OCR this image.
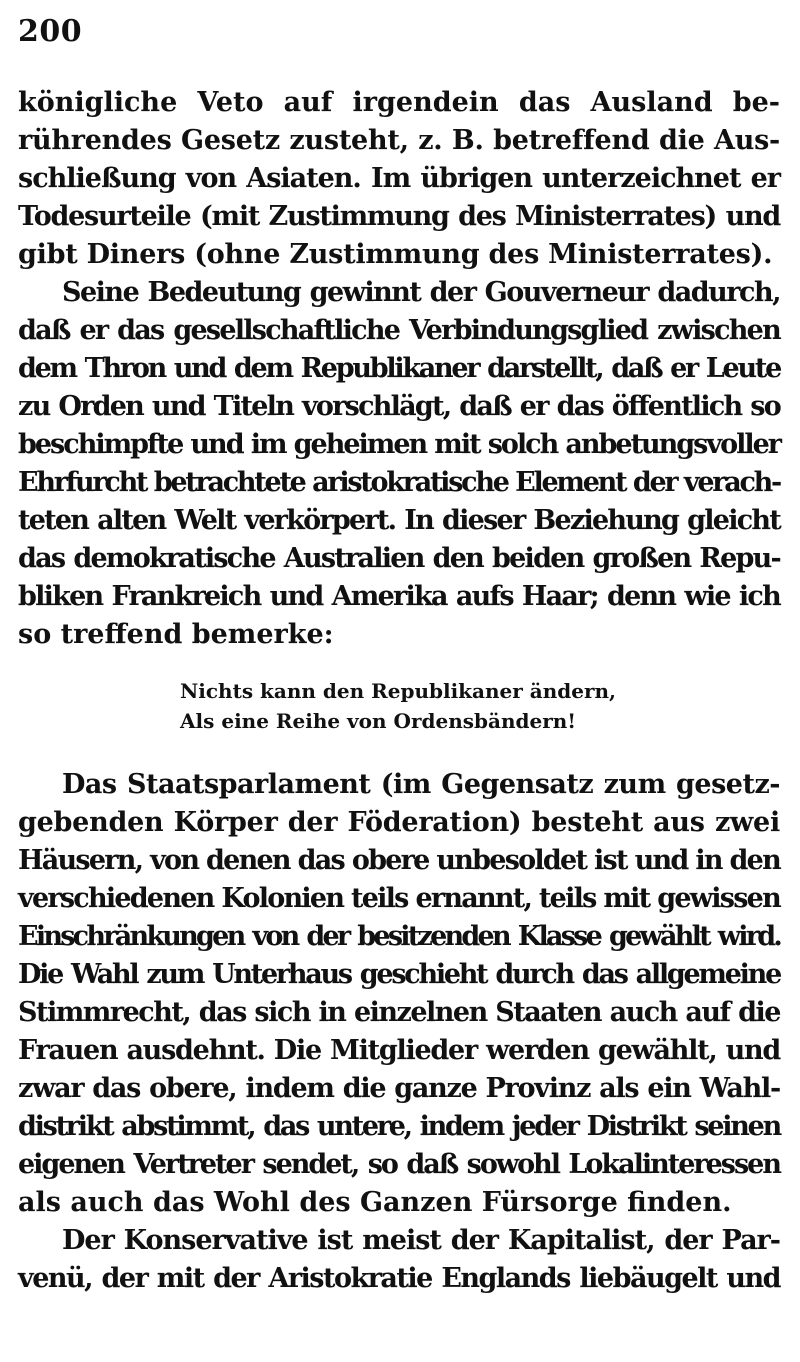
200
königliche Veto auf irgendein das Ausland be-
rührendes Gesetz zusteht, z. B. betreffend die Aus-
schließung von Asiaten. Im übrigen unterzeichnet er
Todesurteile (mit Zustimmung des Ministerrates) und
gibt Diners (ohne Zustimmung des Ministerrates).
Seine Bedeutung gewinnt der Gouverneur dadurch,
daß er das gesellschaftliche Verbindungsglied zwischen
dem Thron und dem Republikaner darstellt, daß er Leute
zu Orden und Titeln vorschlägt, daß er das öffentlich so
beschimpfte und im geheimen mit solch anbetungsvoller
Ehrfurcht betrachtete aristokratische Element der verach-
teten alten Welt verkörpert. In dieser Beziehung gleicht
das demokratische Australien den beiden großen Repu-
bliken Frankreich und Amerika aufs Haar; denn wie ich
so treffend bemerke:
Nichts kann den Republikaner ändern,
Als eine Reihe von Ordensbändern!
Das Staatsparlament (im Gegensatz zum gesetz-
gebenden Körper der Föderation) besteht aus zwei
Häusern, von denen das obere unbesoldet ist und in den
verschiedenen Kolonien teils ernannt, teils mit gewissen
Einschränkungen von der besitzenden Klasse gewählt wird.
Die Wahl zum Unterhaus geschieht durch das allgemeine
Stimmrecht, das sich in einzelnen Staaten auch auf die
Frauen ausdehnt. Die Mitglieder werden gewählt, und
zwar das obere, indem die ganze Provinz als ein Wahl-
distrikt abstimmt, das untere, indem jeder Distrikt seinen
eigenen Vertreter sendet, so daß sowohl Lokalinteressen
als auch das Wohl des Ganzen Fürsorge finden.
Der Konservative ist meist der Kapitalist, der Par-
venü, der mit der Aristokratie Englands liebäugelt und
